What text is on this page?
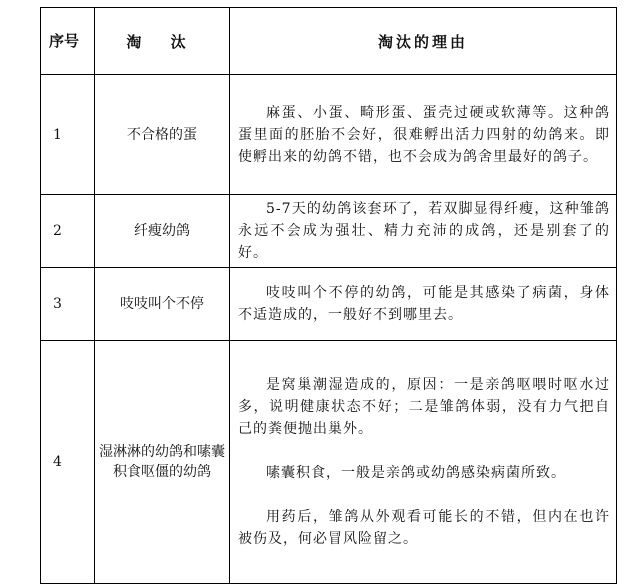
序号	淘 汰	淘汰的理由
1	不合格的蛋	麻蛋、小蛋、畸形蛋、蛋壳过硬或软薄等。这种鸽蛋里面的胚胎不会好，很难孵出活力四射的幼鸽来。即使孵出来的幼鸽不错，也不会成为鸽舍里最好的鸽子。

2	纤瘦幼鸽	5-7天的幼鸽该套环了，若双脚显得纤瘦，这种雏鸽永远不会成为强壮、精力充沛的成鸽，还是别套了的好。

3	吱吱叫个不停	吱吱叫个不停的幼鸽，可能是其感染了病菌，身体不适造成的，一般好不到哪里去。

4	湿淋淋的幼鸽和嗉囊积食呕僵的幼鸽	是窝巢潮湿造成的，原因：一是亲鸽呕喂时呕水过多，说明健康状态不好；二是雏鸽体弱，没有力气把自己的粪便抛出巢外。

嗉囊积食，一般是亲鸽或幼鸽感染病菌所致。

用药后，雏鸽从外观看可能长的不错，但内在也许被伤及，何必冒风险留之。
